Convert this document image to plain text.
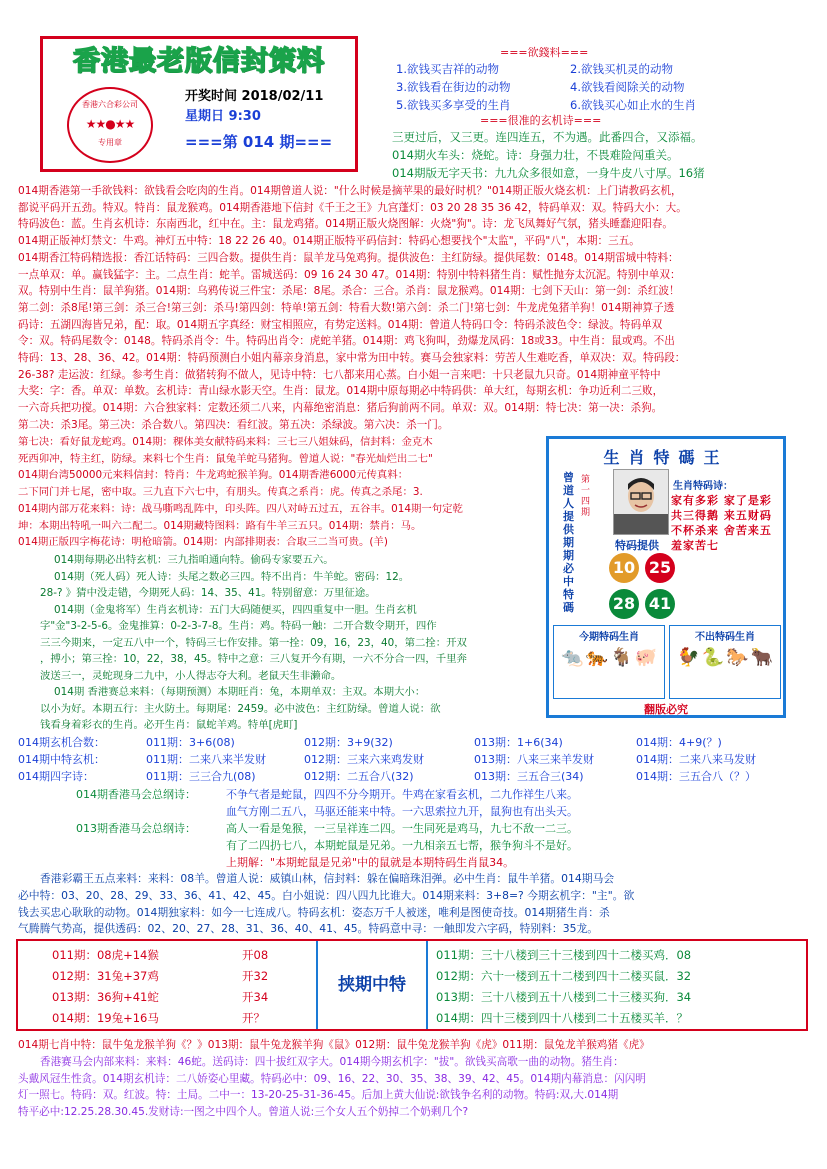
香港最老版信封策料
香港六合彩公司
★★●★★
专用章
开奖时间 2018/02/11
星期日 9:30
===第 014 期===
===欲錢料===
1.欲钱买吉祥的动物	2.欲钱买机灵的动物
3.欲钱看在街边的动物	4.欲钱看阅除关的动物
5.欲钱买多享受的生肖	6.欲钱买心如止水的生肖
===很准的玄机诗===
三更过后，又三更。连四连五，不为遇。此番四合，又添福。
014期火车头：烧蛇。诗：身强力壮，不畏难险闯重关。
014期版无字天书：九九众多很如意，一身牛皮八寸厚。16猪
014期香港第一手欲钱料：欲钱看会吃肉的生肖。014期曾道人说："什么时候是摘苹果的最好时机？"014期正版火烧玄机：上门请教码玄机，
都说平码开五劲。特双。特肖：鼠龙猴鸡。014期香港地下信封《千王之王》九宫蓬灯：03 20 28 35 36 42，特码单双：双。特码大小：大。
特码波色：蓝。生肖玄机诗：东南西北，红中在。主：鼠龙鸡猪。014期正版火烧图解：火烧"狗"。诗：龙飞凤舞好气氛，猪头睡蠢迎阳春。
014期正版神灯禁文：牛鸡。神灯五中特：18 22 26 40。014期正版特平码信封：特码心想要找个"太监"，平码"八"，本期：三五。
014期香江特码精选报：香江话特码：三四合数。提供生肖：鼠羊龙马兔鸡狗。提供波色：主红防绿。提供尾数：0148。014期雷城中特料：
一点单双：单。赢钱猛字：主。二点生肖：蛇羊。雷城送码：09 16 24 30 47。014期：特别中特料猪生肖：赋性抛夯太沉泥。特别中单双：
双。特别中生肖：鼠羊狗猪。014期：乌鸦传说三件宝：杀尾：8尾。杀合：三合。杀肖：鼠龙猴鸡。014期：七剑下天山：第一剑：杀红波！
第二剑：杀8尾!第三剑：杀三合!第三剑：杀马!第四剑：特单!第五剑：特看大数!第六剑：杀二门!第七剑：牛龙虎兔猪羊狗！014期神算子透
码诗：五湖四海皆兄弟，配：取。014期五字真经：财宝相照应，有势定送料。014期：曾道人特码口令：特码杀波色令：绿波。特码单双
令：双。特码尾数令：0148。特码杀肖令：牛。特码出肖令：虎蛇羊猪。014期：鸡飞狗叫，劲爆龙凤码：18或33。中生肖：鼠或鸡。不出
特码：13、28、36、42。014期：特码预测白小姐内幕亲身消息，家中常为田中转。赛马会独家料：劳苦人生难吃香，单双决：双。特码段：
26-38? 走运波：红绿。参考生肖：做猪转狗不做人，见诗中特：七八都来用心蒸。白小姐一言来吧：十只老鼠九只奇。014期神童平特中
大奖：字：香。单双：单数。玄机诗：青山绿水影天空。生肖：鼠龙。014期中原每期必中特码供：单大红，每期玄机：争功近利二三败，
一六奇兵把功搅。014期：六合独家料：定数还须二八来，内幕绝密消息：猪后狗前两不同。单双：双。014期：特七决：第一决：杀狗。
第二决：杀3尾。第三决：杀合数八。第四决：看红波。第五决：杀绿波。第六决：杀一门。
第七决：看好鼠龙蛇鸡。014期：稞体美女献特码来料：三七三八姐妹码，信封料：金克木
死西卯冲，特主红，防绿。来料七个生肖：鼠兔羊蛇马猪狗。曾道人说："春光灿烂出二七"
014期台湾50000元来料信封：特肖：牛龙鸡蛇猴羊狗。014期香港6000元传真料：
二下同门并七尾，密中取。三九直下六七中，有朋头。传真之系肖：虎。传真之杀尾：3.
014期内部万花来料：诗：战马嘶鸣乱阵中，印头阵。四八对峙五过五，五谷丰。014期一句定乾
坤：本期出特吼一叫六二配二。014期藏特图料：路有牛羊三五只。014期：禁肖：马。
014期正版四字梅花诗：明枪暗箭。014期：内部排期表：合取三二当可贵。(羊)
014期每期必出特玄机：三九指咱通向特。偷码专家要五六。
014期（死人码）死人诗：头尾之数必三四。特不出肖：牛羊蛇。密码：12。
28-? 》猜中没走错，今期死人码：14、35、41。特别留意：万里征途。
014期（金鬼将军）生肖玄机诗：五门大码随便买，四四重复中一胆。生肖玄机
字"金"3-2-5-6。金鬼推算：0-2-3-7-8。生肖：鸡。特码一触：二开合数令期开，四作
三三今期来，一定五八中一个，特码三七作安排。第一拴：09，16，23，40，第二拴：开双
，搏小；第三拴：10，22，38，45。特中之意：三八复开今有期，一六不分合一四，千里奔
波送三一，灵蛇现身二九中，小人得志夺大利。老鼠天生非濑命。
014期 香港赛总来料：（每期预测）本期旺肖：兔，本期单双：主双。本期大小：
以小为好。本期五行：主火防土。每期尾：2459。必中波色：主红防绿。曾道人说：欲
钱看身着彩衣的生肖。必开生肖：鼠蛇羊鸡。特单[虎町]
生肖特碼王
曾道人提供期期必中特碼
第一四期
生肖特码诗：
家有多彩 家了是彩 共三得鹅 来五财码 不杯杀来 舍苦来五 羞家苦七
特码提供
10 25
28 41
今期特码生肖
🐀 🐅 🐐 🐖
不出特码生肖
🐓 🐍 🐎 🐂
翻版必究
014期玄机合数：	011期：3+6(08)	012期：3+9(32)	013期：1+6(34)	014期：4+9(？)
014期中特玄机：	011期：二来八来半发财	012期：三来六来鸡发财	013期：八来三来羊发财	014期：二来八来马发财
014期四字诗：	011期：三三合九(08)	012期：二五合八(32)	013期：三五合三(34)	014期：三五合八（？）
014期香港马会总纲诗：	不争气者是蛇鼠，四四不分今期开。牛鸡在家看玄机，二九作祥生八来。
血气方刚二五八，马驱还能来中特。一六思索拉九开，鼠狗也有出头天。
013期香港马会总纲诗：	高人一看是兔猴，一三呈祥连二四。一生同死是鸡马，九七不敌一二三。
有了二四扔七八，本期蛇鼠是兄弟。一九相亲五七帮，猴争狗斗不是好。
上期解："本期蛇鼠是兄弟"中的鼠就是本期特码生肖鼠34。
香港彩霸王五点来料：来料：08羊。曾道人说：威镇山林，信封料：躲在偏暗珠泪弹。必中生肖：鼠牛羊猪。014期马会
必中特：03、20、28、29、33、36、41、42、45。白小姐说：四八四九比谁大。014期来料：3+8=? 今期玄机字："主"。欲
钱去买忠心耿耿的动物。014期独家料：如今一七连成八。特码玄机：姿态万千人被迷，唯利是图使奇技。014期猪生肖：杀
气腾腾气势高，提供透码：02、20、27、28、31、36、40、41、45。特码意中寻：一触即发六字码，特别料：35龙。
011期：08虎+14猴	开08
012期：31兔+37鸡	开32
013期：36狗+41蛇	开34
014期：19兔+16马	开？
挟期中特
011期：三十八楼到三十三楼到四十二楼买鸡．08
012期：六十一楼到五十二楼到四十二楼买鼠．32
013期：三十八楼到五十八楼到二十三楼买狗．34
014期：四十三楼到四十八楼到二十五楼买羊．？
014期七肖中特：鼠牛兔龙猴羊狗《？》013期：鼠牛兔龙猴羊狗《鼠》012期：鼠牛兔龙猴羊狗《虎》011期：鼠兔龙羊猴鸡猪《虎》
香港赛马会内部来料：来料：46蛇。送码诗：四十拔红双字大。014期今期玄机字："拔"。欲钱买高歌一曲的动物。猪生肖：
头戴风冠生性贪。014期玄机诗：二八娇姿心里藏。特码必中：09、16、22、30、35、38、39、42、45。014期内幕消息：闪闪明
灯一照七。特码：双。红波。特：土局。二中一：13-20-25-31-36-45。后加上黄大仙说:欲钱争名利的动物。特码:双,大.014期
特平必中:12.25.28.30.45.发财诗:一图之中四个人。曾道人说:三个女人五个奶掉二个奶剩几个?
